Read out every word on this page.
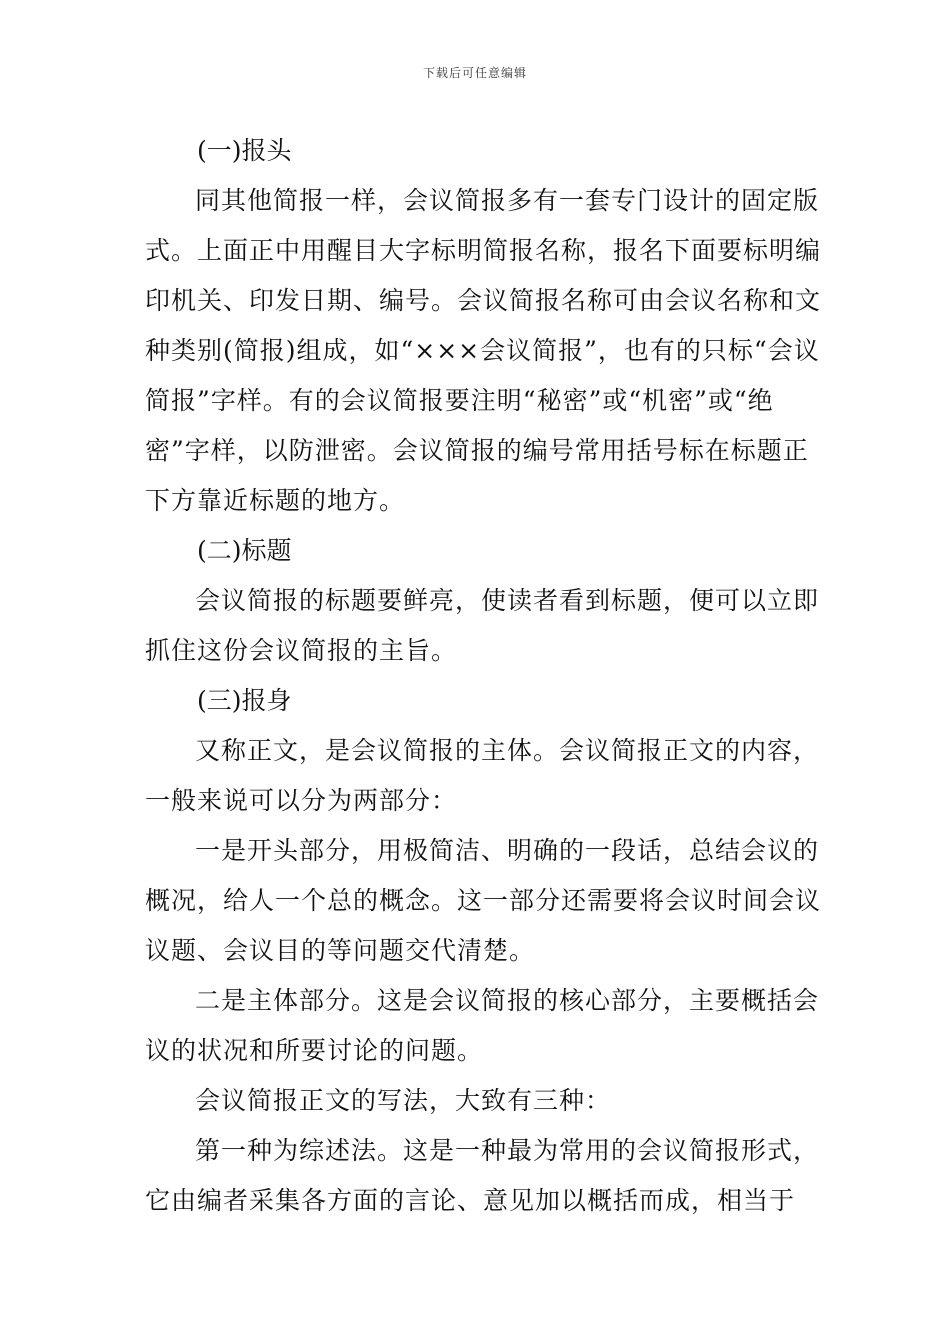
下载后可任意编辑

(一)报头

同其他简报一样，会议简报多有一套专门设计的固定版式。上面正中用醒目大字标明简报名称，报名下面要标明编印机关、印发日期、编号。会议简报名称可由会议名称和文种类别(简报)组成，如“×××会议简报”，也有的只标“会议简报”字样。有的会议简报要注明“秘密”或“机密”或“绝密”字样，以防泄密。会议简报的编号常用括号标在标题正下方靠近标题的地方。

(二)标题

会议简报的标题要鲜亮，使读者看到标题，便可以立即抓住这份会议简报的主旨。

(三)报身

又称正文，是会议简报的主体。会议简报正文的内容，一般来说可以分为两部分：

一是开头部分，用极简洁、明确的一段话，总结会议的概况，给人一个总的概念。这一部分还需要将会议时间会议议题、会议目的等问题交代清楚。

二是主体部分。这是会议简报的核心部分，主要概括会议的状况和所要讨论的问题。

会议简报正文的写法，大致有三种：

第一种为综述法。这是一种最为常用的会议简报形式，它由编者采集各方面的言论、意见加以概括而成，相当于
